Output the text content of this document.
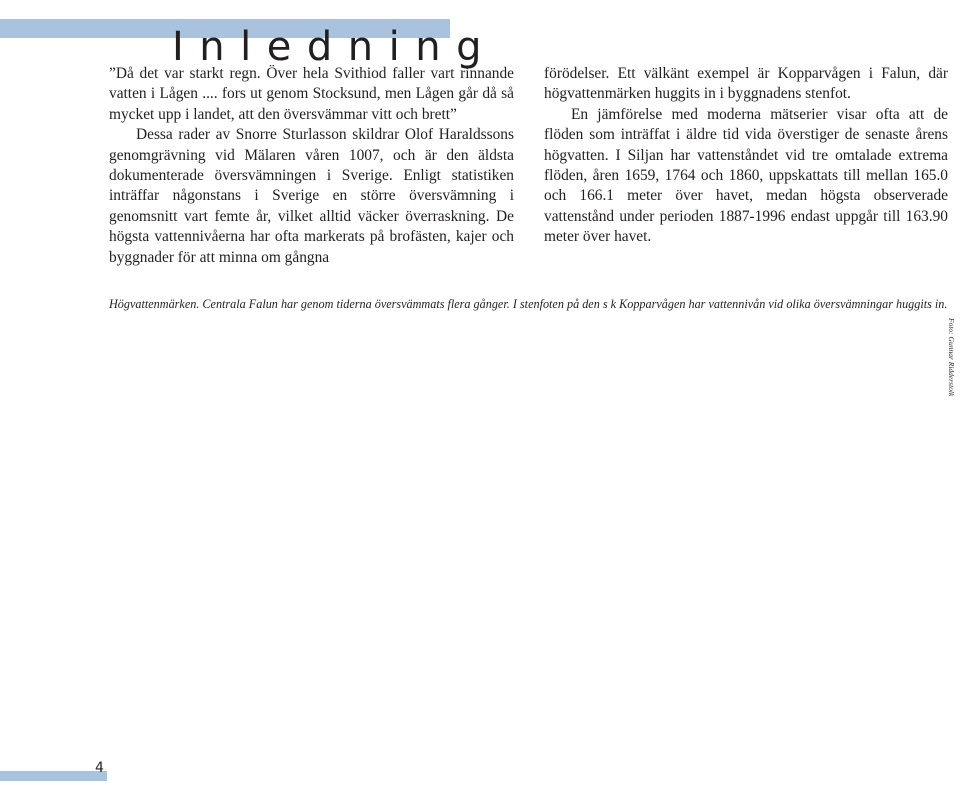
Inledning

”Då det var starkt regn. Över hela Svithiod faller vart rinnande vatten i Lågen .... fors ut genom Stocksund, men Lågen går då så mycket upp i landet, att den översvämmar vitt och brett”

Dessa rader av Snorre Sturlasson skildrar Olof Haraldssons genomgrävning vid Mälaren våren 1007, och är den äldsta dokumenterade översvämningen i Sverige. Enligt statistiken inträffar någonstans i Sverige en större översvämning i genomsnitt vart femte år, vilket alltid väcker överraskning. De högsta vattennivåerna har ofta markerats på brofästen, kajer och byggnader för att minna om gångna

förödelser. Ett välkänt exempel är Kopparvågen i Falun, där högvattenmärken huggits in i byggnadens stenfot.

En jämförelse med moderna mätserier visar ofta att de flöden som inträffat i äldre tid vida överstiger de senaste årens högvatten. I Siljan har vattenståndet vid tre omtalade extrema flöden, åren 1659, 1764 och 1860, uppskattats till mellan 165.0 och 166.1 meter över havet, medan högsta observerade vattenstånd under perioden 1887-1996 endast uppgår till 163.90 meter över havet.

Högvattenmärken. Centrala Falun har genom tiderna översvämmats flera gånger. I stenfoten på den s k Kopparvågen har vattennivån vid olika översvämningar huggits in.
Foto: Gunnar Ridderstolk
4
